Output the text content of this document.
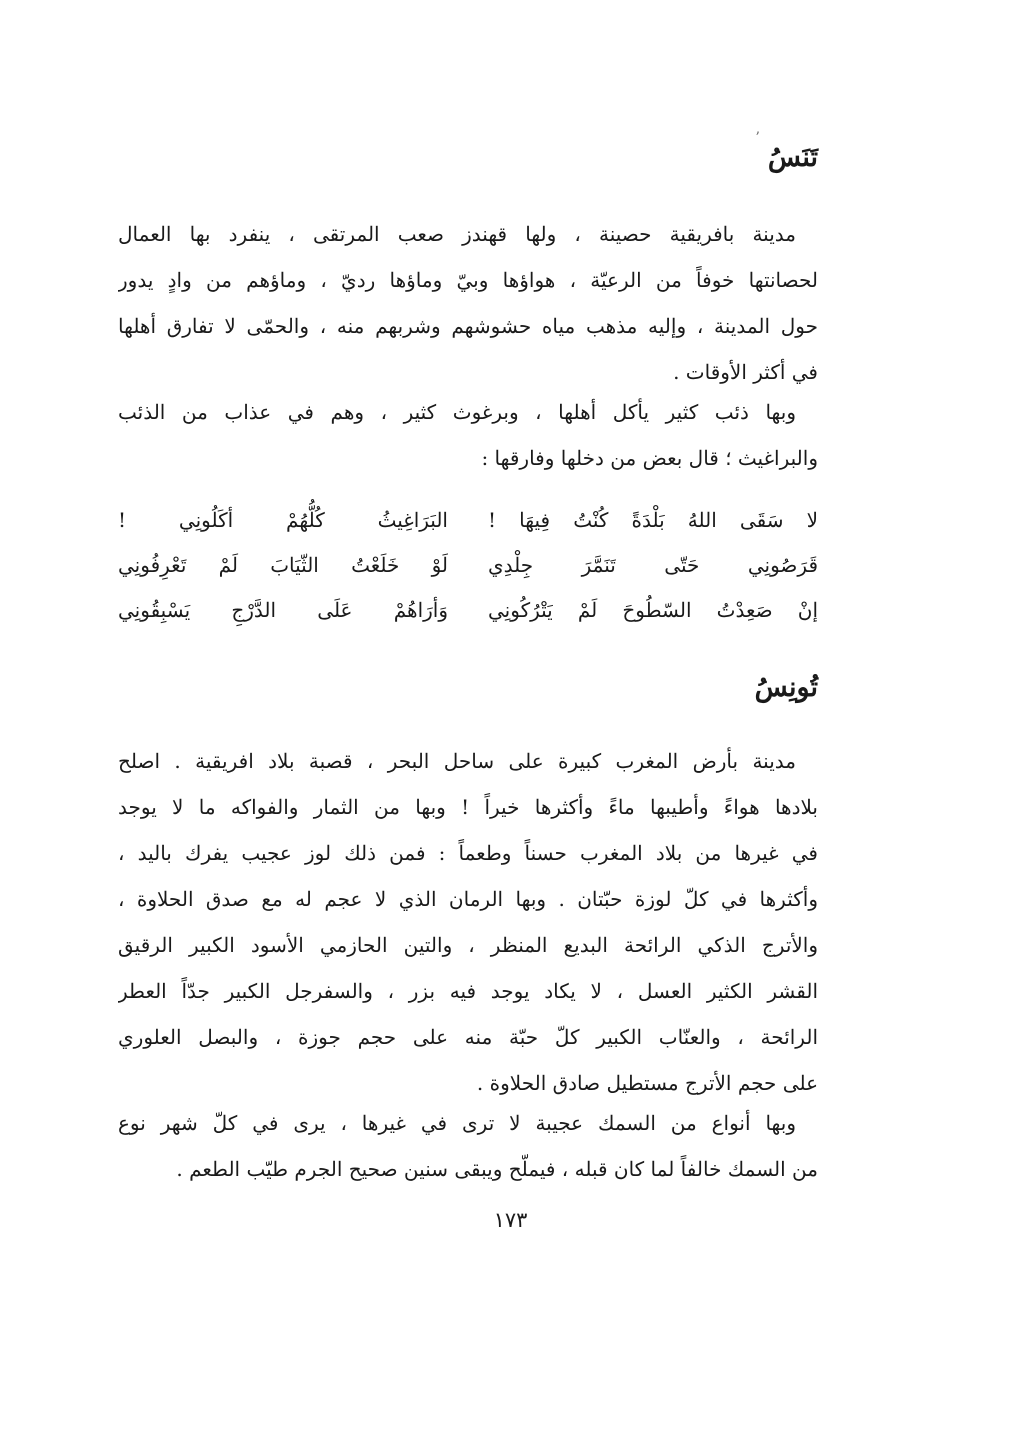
ʼ
تَنَسُ
مدينة بافريقية حصينة ، ولها قهندز صعب المرتقى ، ينفرد بها العمال
لحصانتها خوفاً من الرعيّة ، هواؤها وبيّ وماؤها رديّ ، وماؤهم من وادٍ يدور
حول المدينة ، وإليه مذهب مياه حشوشهم وشربهم منه ، والحمّى لا تفارق أهلها
في أكثر الأوقات .
وبها ذئب كثير يأكل أهلها ، وبرغوث كثير ، وهم في عذاب من الذئب
والبراغيث ؛ قال بعض من دخلها وفارقها :
لا سَقَى اللهُ بَلْدَةً كُنْتُ فِيهَا !
البَرَاغِيثُ كُلُّهُمْ أكَلُونِي !
قَرَصُونِي حَتّى تَنَمَّرَ جِلْدِي
لَوْ خَلَعْتُ الثّيَابَ لَمْ تَعْرِفُونِي
إنْ صَعِدْتُ السّطُوحَ لَمْ يَتْرُكُونِي
وَأرَاهُمْ عَلَى الدَّرْجِ يَسْبِقُونِي
تُونِسُ
مدينة بأرض المغرب كبيرة على ساحل البحر ، قصبة بلاد افريقية . اصلح
بلادها هواءً وأطيبها ماءً وأكثرها خيراً ! وبها من الثمار والفواكه ما لا يوجد
في غيرها من بلاد المغرب حسناً وطعماً : فمن ذلك لوز عجيب يفرك باليد ،
وأكثرها في كلّ لوزة حبّتان . وبها الرمان الذي لا عجم له مع صدق الحلاوة ،
والأترج الذكي الرائحة البديع المنظر ، والتين الحازمي الأسود الكبير الرقيق
القشر الكثير العسل ، لا يكاد يوجد فيه بزر ، والسفرجل الكبير جدّاً العطر
الرائحة ، والعنّاب الكبير كلّ حبّة منه على حجم جوزة ، والبصل العلوري
على حجم الأترج مستطيل صادق الحلاوة .
وبها أنواع من السمك عجيبة لا ترى في غيرها ، يرى في كلّ شهر نوع
من السمك خالفاً لما كان قبله ، فيملّح ويبقى سنين صحيح الجرم طيّب الطعم .
١٧٣
